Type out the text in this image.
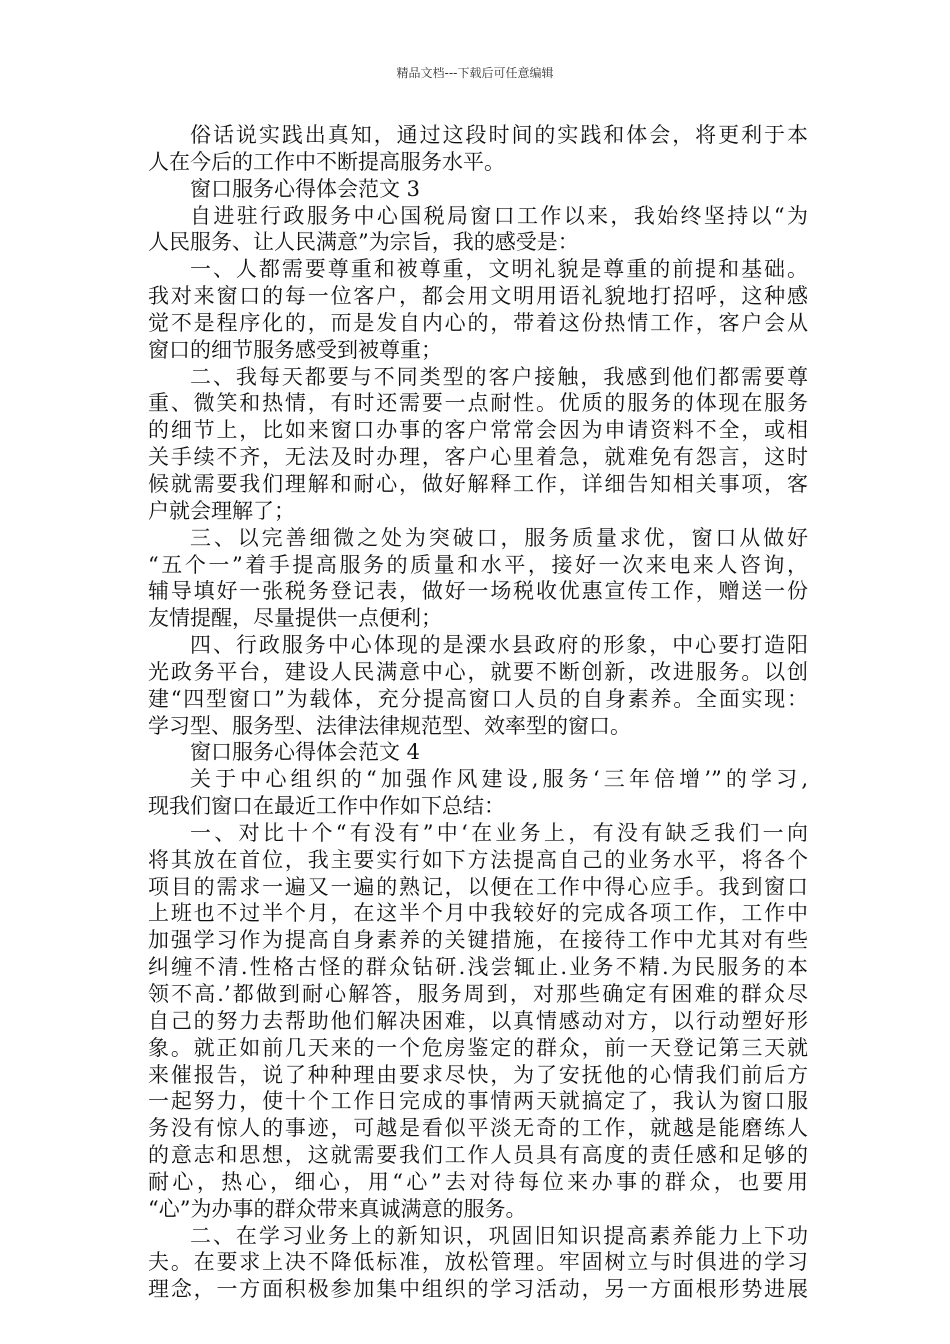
精品文档---下载后可任意编辑
俗话说实践出真知，通过这段时间的实践和体会，将更利于本
人在今后的工作中不断提高服务水平。
窗口服务心得体会范文 3
自进驻行政服务中心国税局窗口工作以来，我始终坚持以“为
人民服务、让人民满意”为宗旨，我的感受是：
一、人都需要尊重和被尊重，文明礼貌是尊重的前提和基础。
我对来窗口的每一位客户，都会用文明用语礼貌地打招呼，这种感
觉不是程序化的，而是发自内心的，带着这份热情工作，客户会从
窗口的细节服务感受到被尊重；
二、我每天都要与不同类型的客户接触，我感到他们都需要尊
重、微笑和热情，有时还需要一点耐性。优质的服务的体现在服务
的细节上，比如来窗口办事的客户常常会因为申请资料不全，或相
关手续不齐，无法及时办理，客户心里着急，就难免有怨言，这时
候就需要我们理解和耐心，做好解释工作，详细告知相关事项，客
户就会理解了；
三、以完善细微之处为突破口，服务质量求优，窗口从做好
“五个一”着手提高服务的质量和水平，接好一次来电来人咨询，
辅导填好一张税务登记表，做好一场税收优惠宣传工作，赠送一份
友情提醒，尽量提供一点便利；
四、行政服务中心体现的是溧水县政府的形象，中心要打造阳
光政务平台，建设人民满意中心，就要不断创新，改进服务。以创
建“四型窗口”为载体，充分提高窗口人员的自身素养。全面实现：
学习型、服务型、法律法律规范型、效率型的窗口。
窗口服务心得体会范文 4
关于中心组织的“加强作风建设,服务‘三年倍增’”的学习,
现我们窗口在最近工作中作如下总结：
一、对比十个“有没有”中‘在业务上，有没有缺乏我们一向
将其放在首位，我主要实行如下方法提高自己的业务水平，将各个
项目的需求一遍又一遍的熟记，以便在工作中得心应手。我到窗口
上班也不过半个月，在这半个月中我较好的完成各项工作，工作中
加强学习作为提高自身素养的关键措施，在接待工作中尤其对有些
纠缠不清.性格古怪的群众钻研.浅尝辄止.业务不精.为民服务的本
领不高.’都做到耐心解答，服务周到，对那些确定有困难的群众尽
自己的努力去帮助他们解决困难，以真情感动对方，以行动塑好形
象。就正如前几天来的一个危房鉴定的群众，前一天登记第三天就
来催报告，说了种种理由要求尽快，为了安抚他的心情我们前后方
一起努力，使十个工作日完成的事情两天就搞定了，我认为窗口服
务没有惊人的事迹，可越是看似平淡无奇的工作，就越是能磨练人
的意志和思想，这就需要我们工作人员具有高度的责任感和足够的
耐心，热心，细心，用“心”去对待每位来办事的群众，也要用
“心”为办事的群众带来真诚满意的服务。
二、在学习业务上的新知识，巩固旧知识提高素养能力上下功
夫。在要求上决不降低标准，放松管理。牢固树立与时俱进的学习
理念，一方面积极参加集中组织的学习活动，另一方面根形势进展
